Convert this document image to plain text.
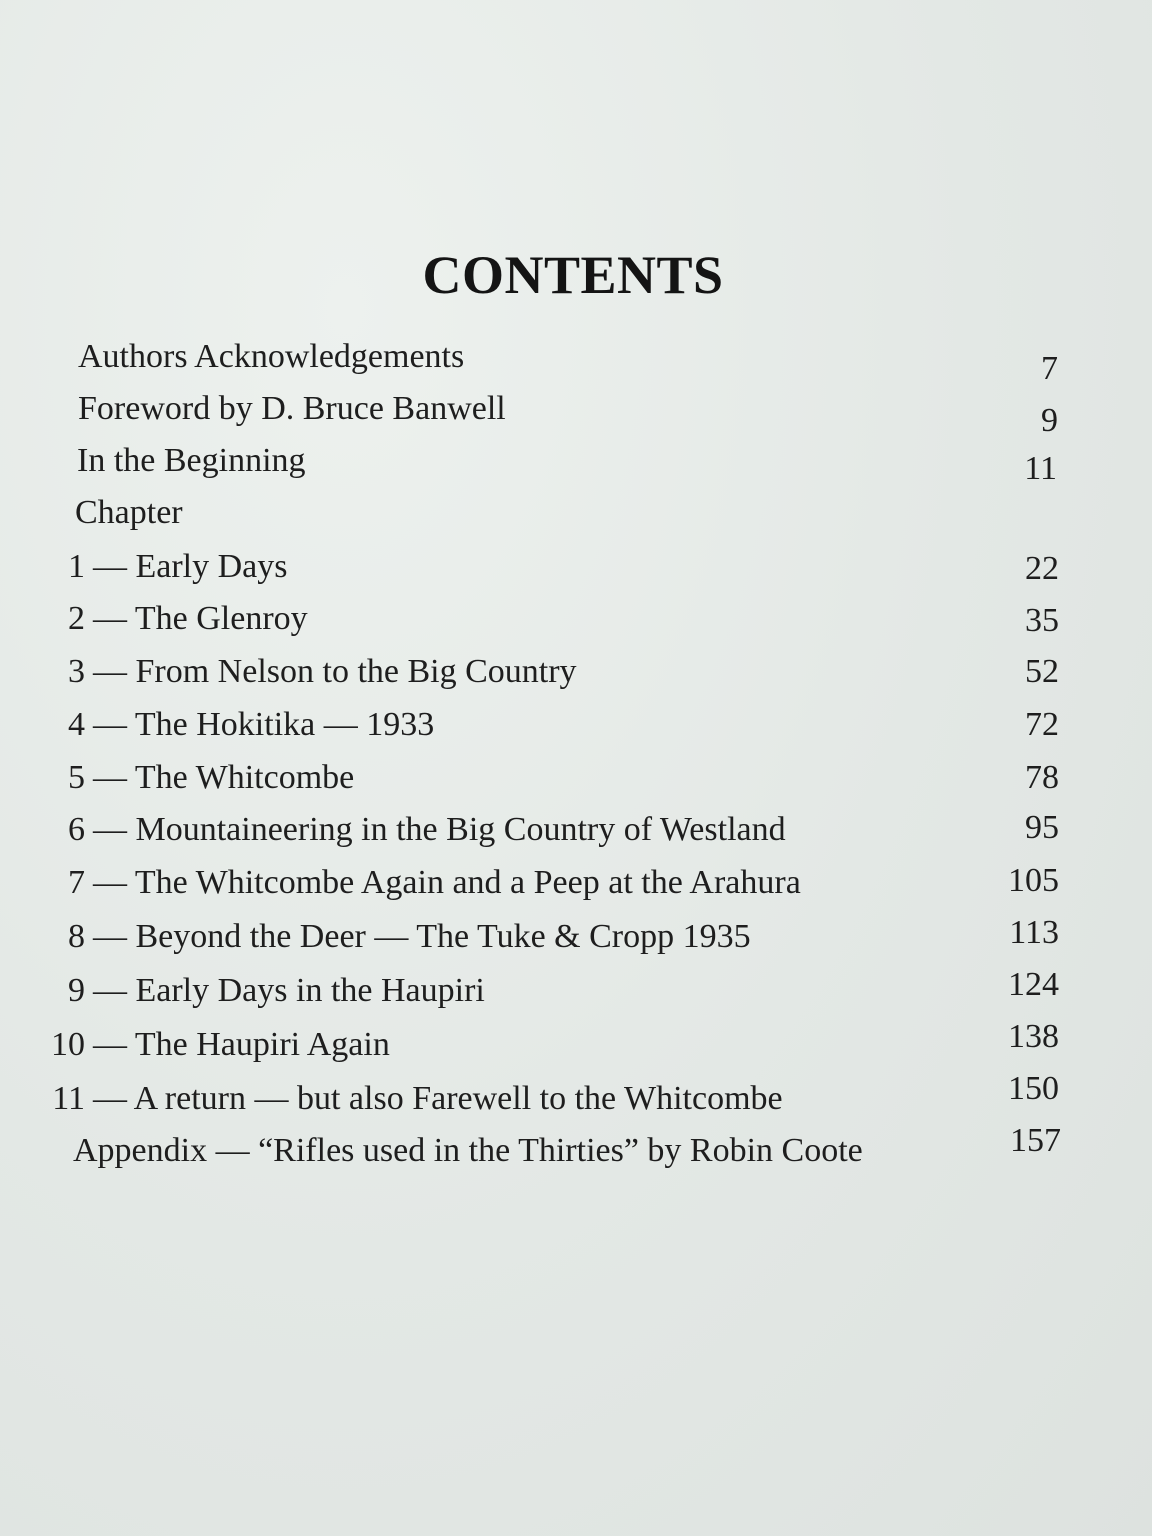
CONTENTS
Authors Acknowledgements	7
Foreword by D. Bruce Banwell	9
In the Beginning	11
Chapter
1 — Early Days	22
2 — The Glenroy	35
3 — From Nelson to the Big Country	52
4 — The Hokitika — 1933	72
5 — The Whitcombe	78
6 — Mountaineering in the Big Country of Westland	95
7 — The Whitcombe Again and a Peep at the Arahura	105
8 — Beyond the Deer — The Tuke & Cropp 1935	113
9 — Early Days in the Haupiri	124
10 — The Haupiri Again	138
11 — A return — but also Farewell to the Whitcombe	150
Appendix — “Rifles used in the Thirties” by Robin Coote	157
